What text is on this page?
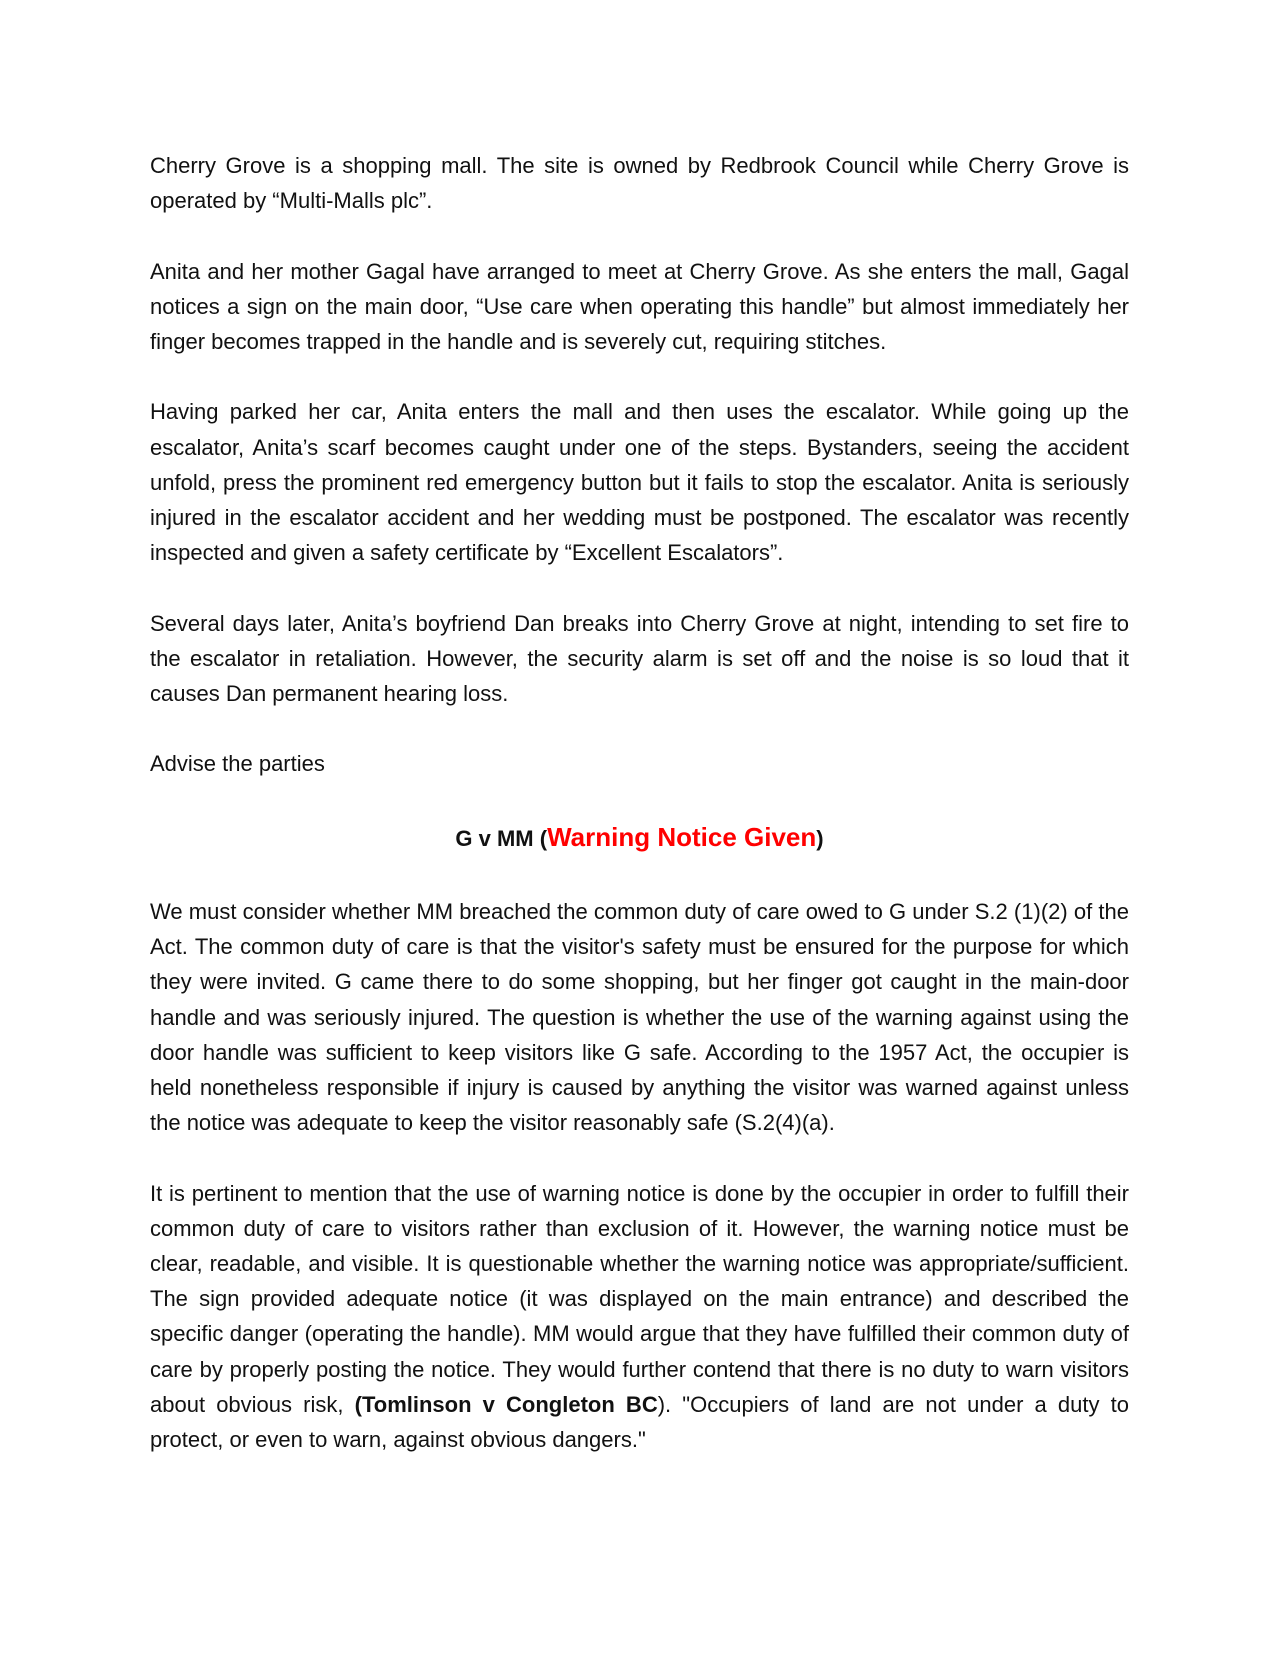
Cherry Grove is a shopping mall. The site is owned by Redbrook Council while Cherry Grove is operated by “Multi-Malls plc”.

Anita and her mother Gagal have arranged to meet at Cherry Grove. As she enters the mall, Gagal notices a sign on the main door, “Use care when operating this handle” but almost immediately her finger becomes trapped in the handle and is severely cut, requiring stitches.

Having parked her car, Anita enters the mall and then uses the escalator. While going up the escalator, Anita’s scarf becomes caught under one of the steps. Bystanders, seeing the accident unfold, press the prominent red emergency button but it fails to stop the escalator. Anita is seriously injured in the escalator accident and her wedding must be postponed. The escalator was recently inspected and given a safety certificate by “Excellent Escalators”.

Several days later, Anita’s boyfriend Dan breaks into Cherry Grove at night, intending to set fire to the escalator in retaliation. However, the security alarm is set off and the noise is so loud that it causes Dan permanent hearing loss.

Advise the parties

G v MM (Warning Notice Given)

We must consider whether MM breached the common duty of care owed to G under S.2 (1)(2) of the Act. The common duty of care is that the visitor's safety must be ensured for the purpose for which they were invited. G came there to do some shopping, but her finger got caught in the main-door handle and was seriously injured. The question is whether the use of the warning against using the door handle was sufficient to keep visitors like G safe. According to the 1957 Act, the occupier is held nonetheless responsible if injury is caused by anything the visitor was warned against unless the notice was adequate to keep the visitor reasonably safe (S.2(4)(a).

It is pertinent to mention that the use of warning notice is done by the occupier in order to fulfill their common duty of care to visitors rather than exclusion of it. However, the warning notice must be clear, readable, and visible. It is questionable whether the warning notice was appropriate/sufficient. The sign provided adequate notice (it was displayed on the main entrance) and described the specific danger (operating the handle). MM would argue that they have fulfilled their common duty of care by properly posting the notice. They would further contend that there is no duty to warn visitors about obvious risk, (Tomlinson v Congleton BC). "Occupiers of land are not under a duty to protect, or even to warn, against obvious dangers."
